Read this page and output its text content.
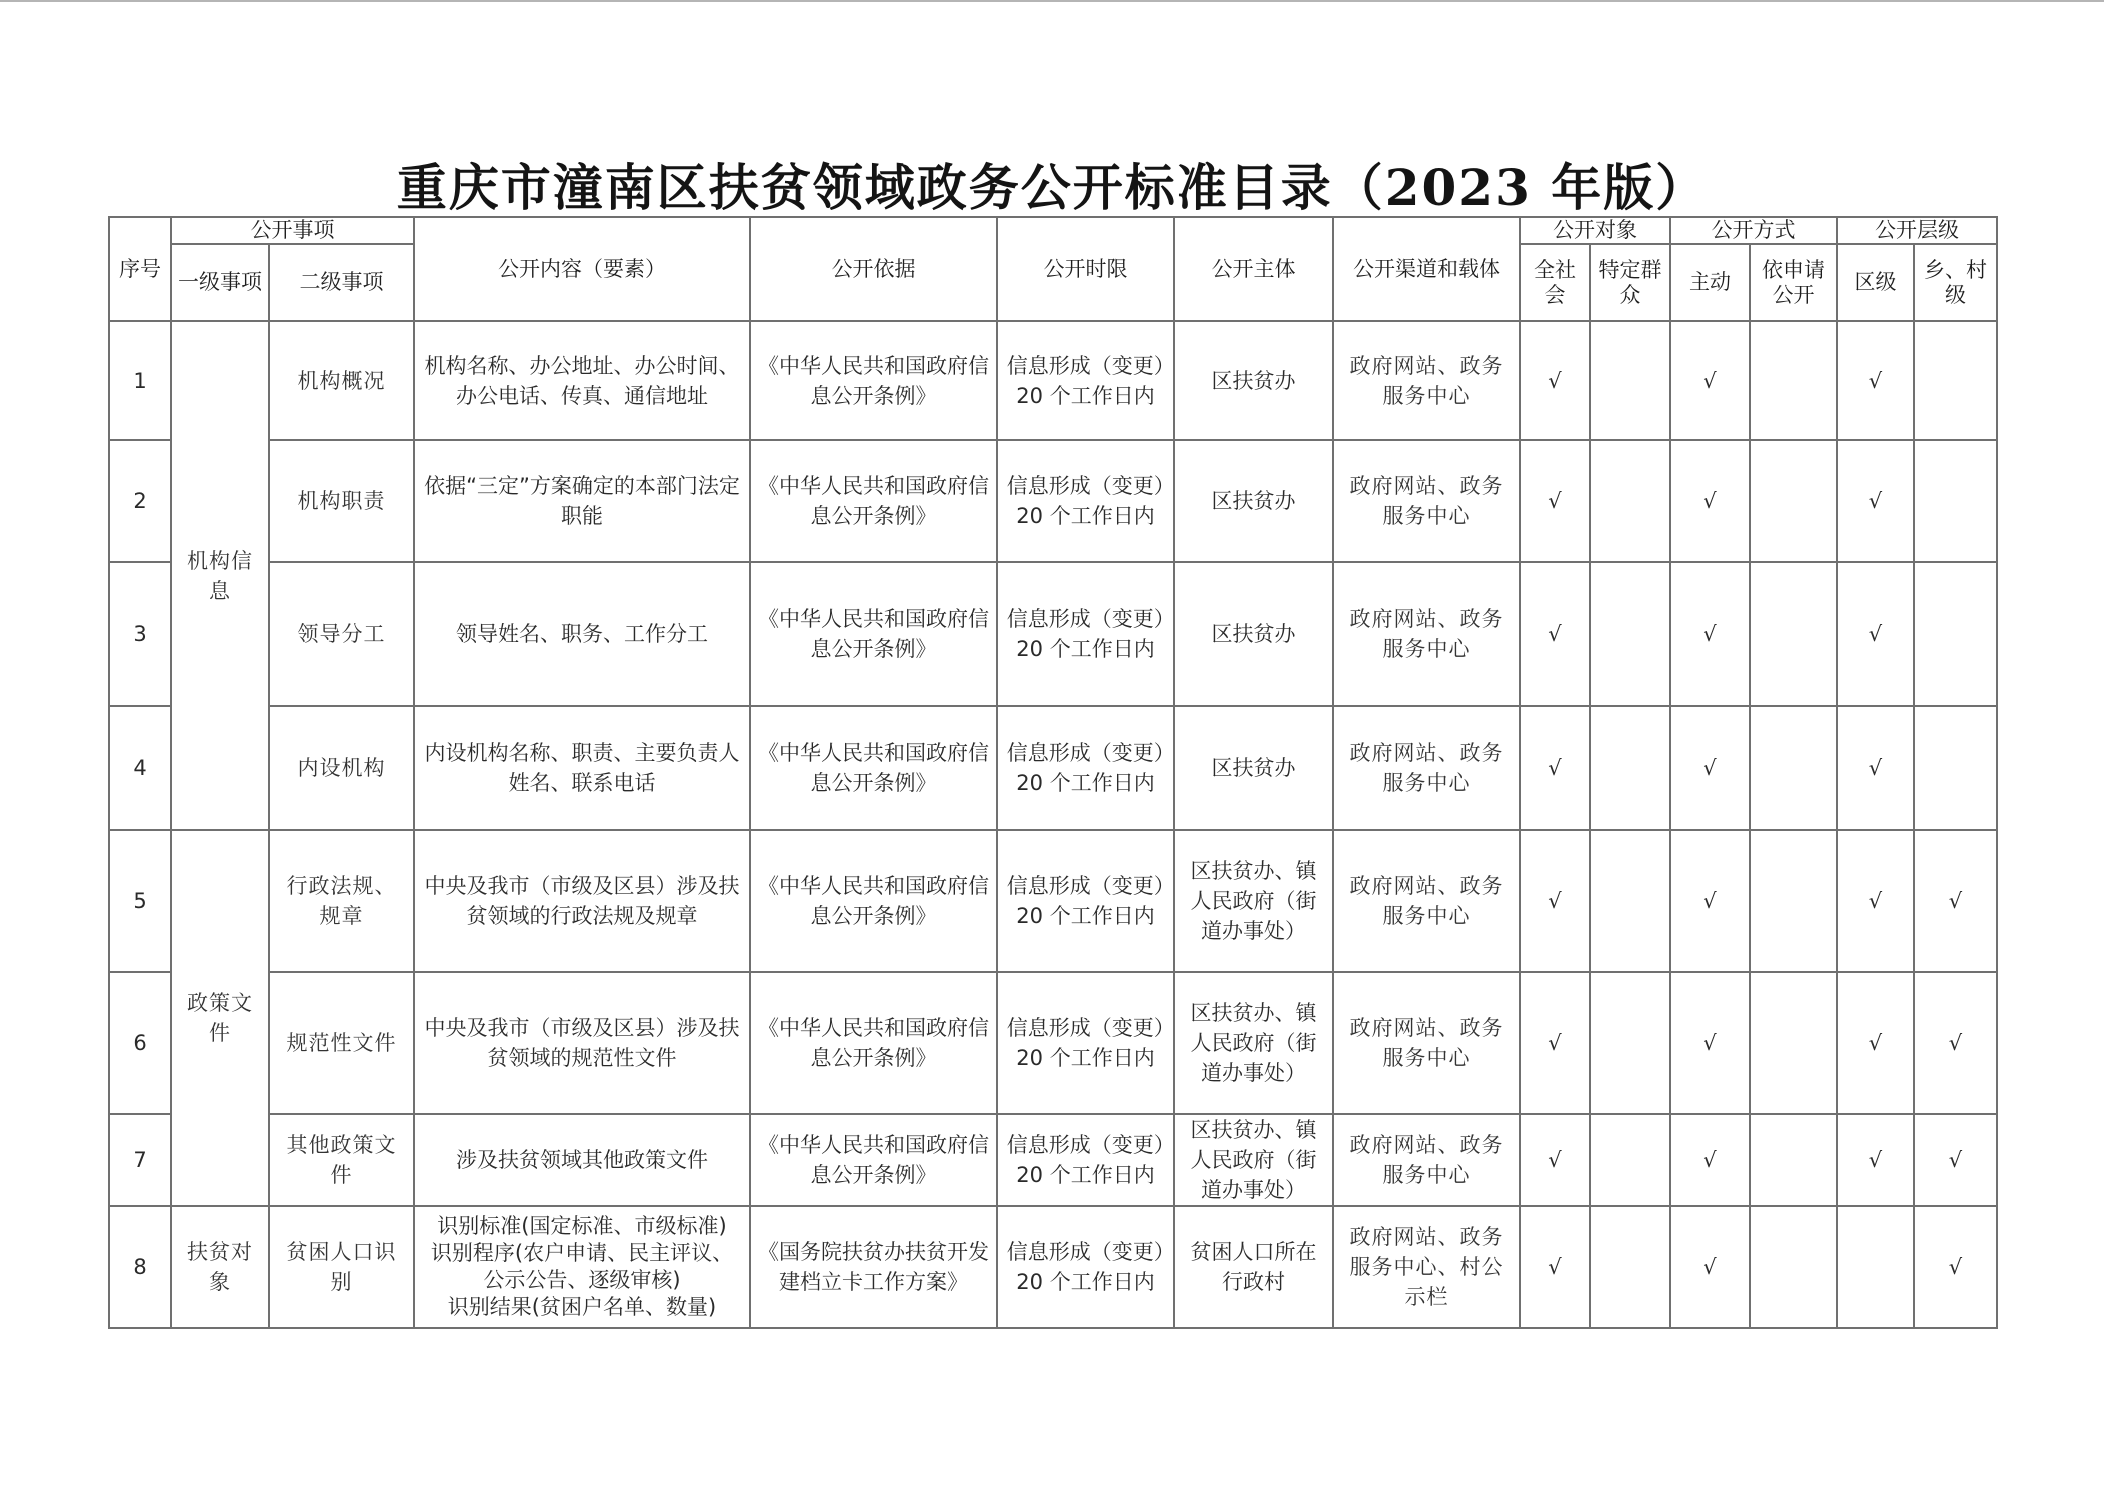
重庆市潼南区扶贫领域政务公开标准目录（2023 年版）
序号	公开事项		公开内容（要素）	公开依据	公开时限	公开主体	公开渠道和载体	公开对象		公开方式		公开层级	
	一级事项	二级事项						全社会	特定群众	主动	依申请公开	区级	乡、村级
1	机构信息	机构概况	机构名称、办公地址、办公时间、办公电话、传真、通信地址	《中华人民共和国政府信息公开条例》	信息形成（变更）20 个工作日内	区扶贫办	政府网站、政务服务中心	√		√		√	
2		机构职责	依据“三定”方案确定的本部门法定职能	《中华人民共和国政府信息公开条例》	信息形成（变更）20 个工作日内	区扶贫办	政府网站、政务服务中心	√		√		√	
3		领导分工	领导姓名、职务、工作分工	《中华人民共和国政府信息公开条例》	信息形成（变更）20 个工作日内	区扶贫办	政府网站、政务服务中心	√		√		√	
4		内设机构	内设机构名称、职责、主要负责人姓名、联系电话	《中华人民共和国政府信息公开条例》	信息形成（变更）20 个工作日内	区扶贫办	政府网站、政务服务中心	√		√		√	
5	政策文件	行政法规、规章	中央及我市（市级及区县）涉及扶贫领域的行政法规及规章	《中华人民共和国政府信息公开条例》	信息形成（变更）20 个工作日内	区扶贫办、镇人民政府（街道办事处）	政府网站、政务服务中心	√		√		√	√
6		规范性文件	中央及我市（市级及区县）涉及扶贫领域的规范性文件	《中华人民共和国政府信息公开条例》	信息形成（变更）20 个工作日内	区扶贫办、镇人民政府（街道办事处）	政府网站、政务服务中心	√		√		√	√
7		其他政策文件	涉及扶贫领域其他政策文件	《中华人民共和国政府信息公开条例》	信息形成（变更）20 个工作日内	区扶贫办、镇人民政府（街道办事处）	政府网站、政务服务中心	√		√		√	√
8	扶贫对象	贫困人口识别	识别标准(国定标准、市级标准)
识别程序(农户申请、民主评议、公示公告、逐级审核)
识别结果(贫困户名单、数量)	《国务院扶贫办扶贫开发建档立卡工作方案》	信息形成（变更）20 个工作日内	贫困人口所在行政村	政府网站、政务服务中心、村公示栏	√		√			√
